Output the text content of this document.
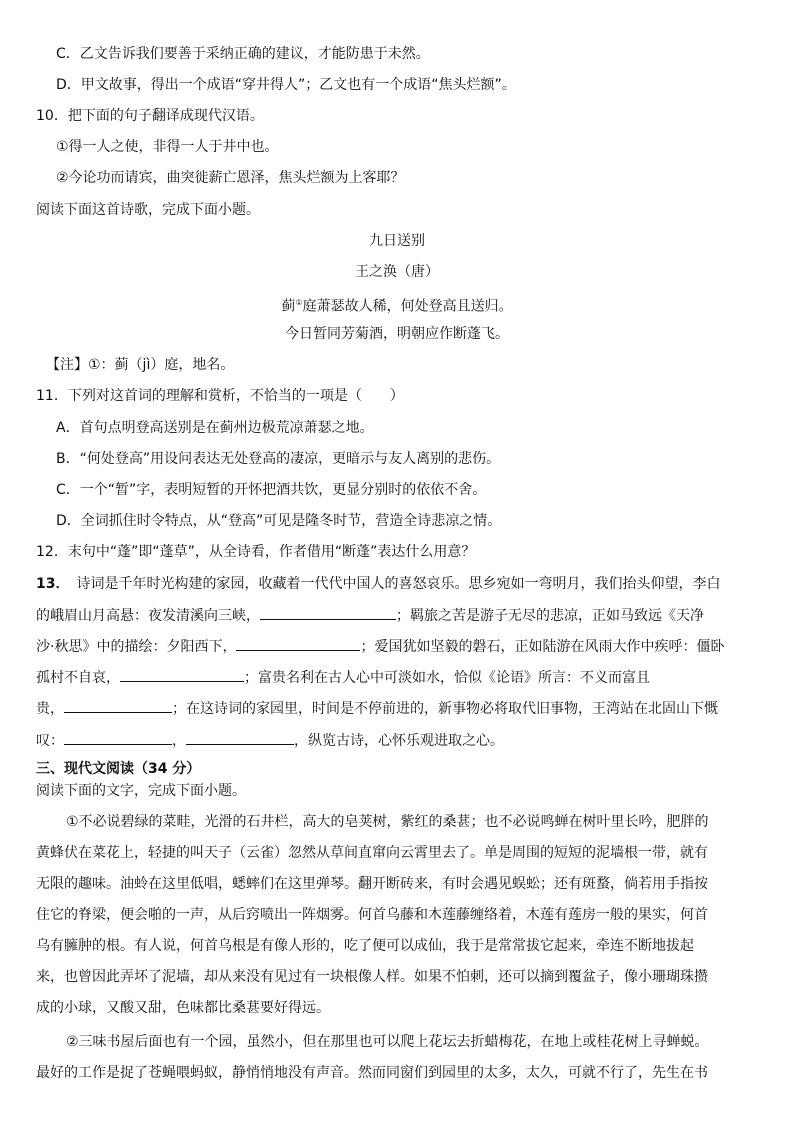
C．乙文告诉我们要善于采纳正确的建议，才能防患于未然。
D．甲文故事，得出一个成语“穿井得人”；乙文也有一个成语“焦头烂额”。
10．把下面的句子翻译成现代汉语。
①得一人之使，非得一人于井中也。
②今论功而请宾，曲突徙薪亡恩泽，焦头烂额为上客耶？
阅读下面这首诗歌，完成下面小题。
九日送别
王之涣（唐）
蓟①庭萧瑟故人稀，何处登高且送归。
今日暂同芳菊酒，明朝应作断蓬飞。
【注】①：蓟（jì）庭，地名。
11．下列对这首词的理解和赏析，不恰当的一项是（　　）
A．首句点明登高送别是在蓟州边极荒凉萧瑟之地。
B．“何处登高”用设问表达无处登高的凄凉，更暗示与友人离别的悲伤。
C．一个“暂”字，表明短暂的开怀把酒共饮，更显分别时的依依不舍。
D．全词抓住时令特点，从“登高”可见是隆冬时节，营造全诗悲凉之情。
12．末句中“蓬”即“蓬草”，从全诗看，作者借用“断蓬”表达什么用意？
13．　诗词是千年时光构建的家园，收藏着一代代中国人的喜怒哀乐。思乡宛如一弯明月，我们抬头仰望，李白
的峨眉山月高悬：夜发清溪向三峡，	；羁旅之苦是游子无尽的悲凉，正如马致远《天净
沙·秋思》中的描绘：夕阳西下，	；爱国犹如坚毅的磐石，正如陆游在风雨大作中疾呼：僵卧
孤村不自哀，	；富贵名利在古人心中可淡如水，恰似《论语》所言：不义而富且
贵，	；在这诗词的家园里，时间是不停前进的，新事物必将取代旧事物，王湾站在北固山下慨
叹：	，	，纵览古诗，心怀乐观进取之心。
三、现代文阅读（34 分）
阅读下面的文字，完成下面小题。
①不必说碧绿的菜畦，光滑的石井栏，高大的皂荚树，紫红的桑葚；也不必说鸣蝉在树叶里长吟，肥胖的
黄蜂伏在菜花上，轻捷的叫天子（云雀）忽然从草间直窜向云霄里去了。单是周围的短短的泥墙根一带，就有
无限的趣味。油蛉在这里低唱，蟋蟀们在这里弹琴。翻开断砖来，有时会遇见蜈蚣；还有斑蝥，倘若用手指按
住它的脊梁，便会啪的一声，从后窍喷出一阵烟雾。何首乌藤和木莲藤缠络着，木莲有莲房一般的果实，何首
乌有臃肿的根。有人说，何首乌根是有像人形的，吃了便可以成仙，我于是常常拔它起来，牵连不断地拔起
来，也曾因此弄坏了泥墙，却从来没有见过有一块根像人样。如果不怕刺，还可以摘到覆盆子，像小珊瑚珠攒
成的小球，又酸又甜，色味都比桑葚要好得远。
②三味书屋后面也有一个园，虽然小，但在那里也可以爬上花坛去折蜡梅花，在地上或桂花树上寻蝉蜕。
最好的工作是捉了苍蝇喂蚂蚁，静悄悄地没有声音。然而同窗们到园里的太多，太久，可就不行了，先生在书
